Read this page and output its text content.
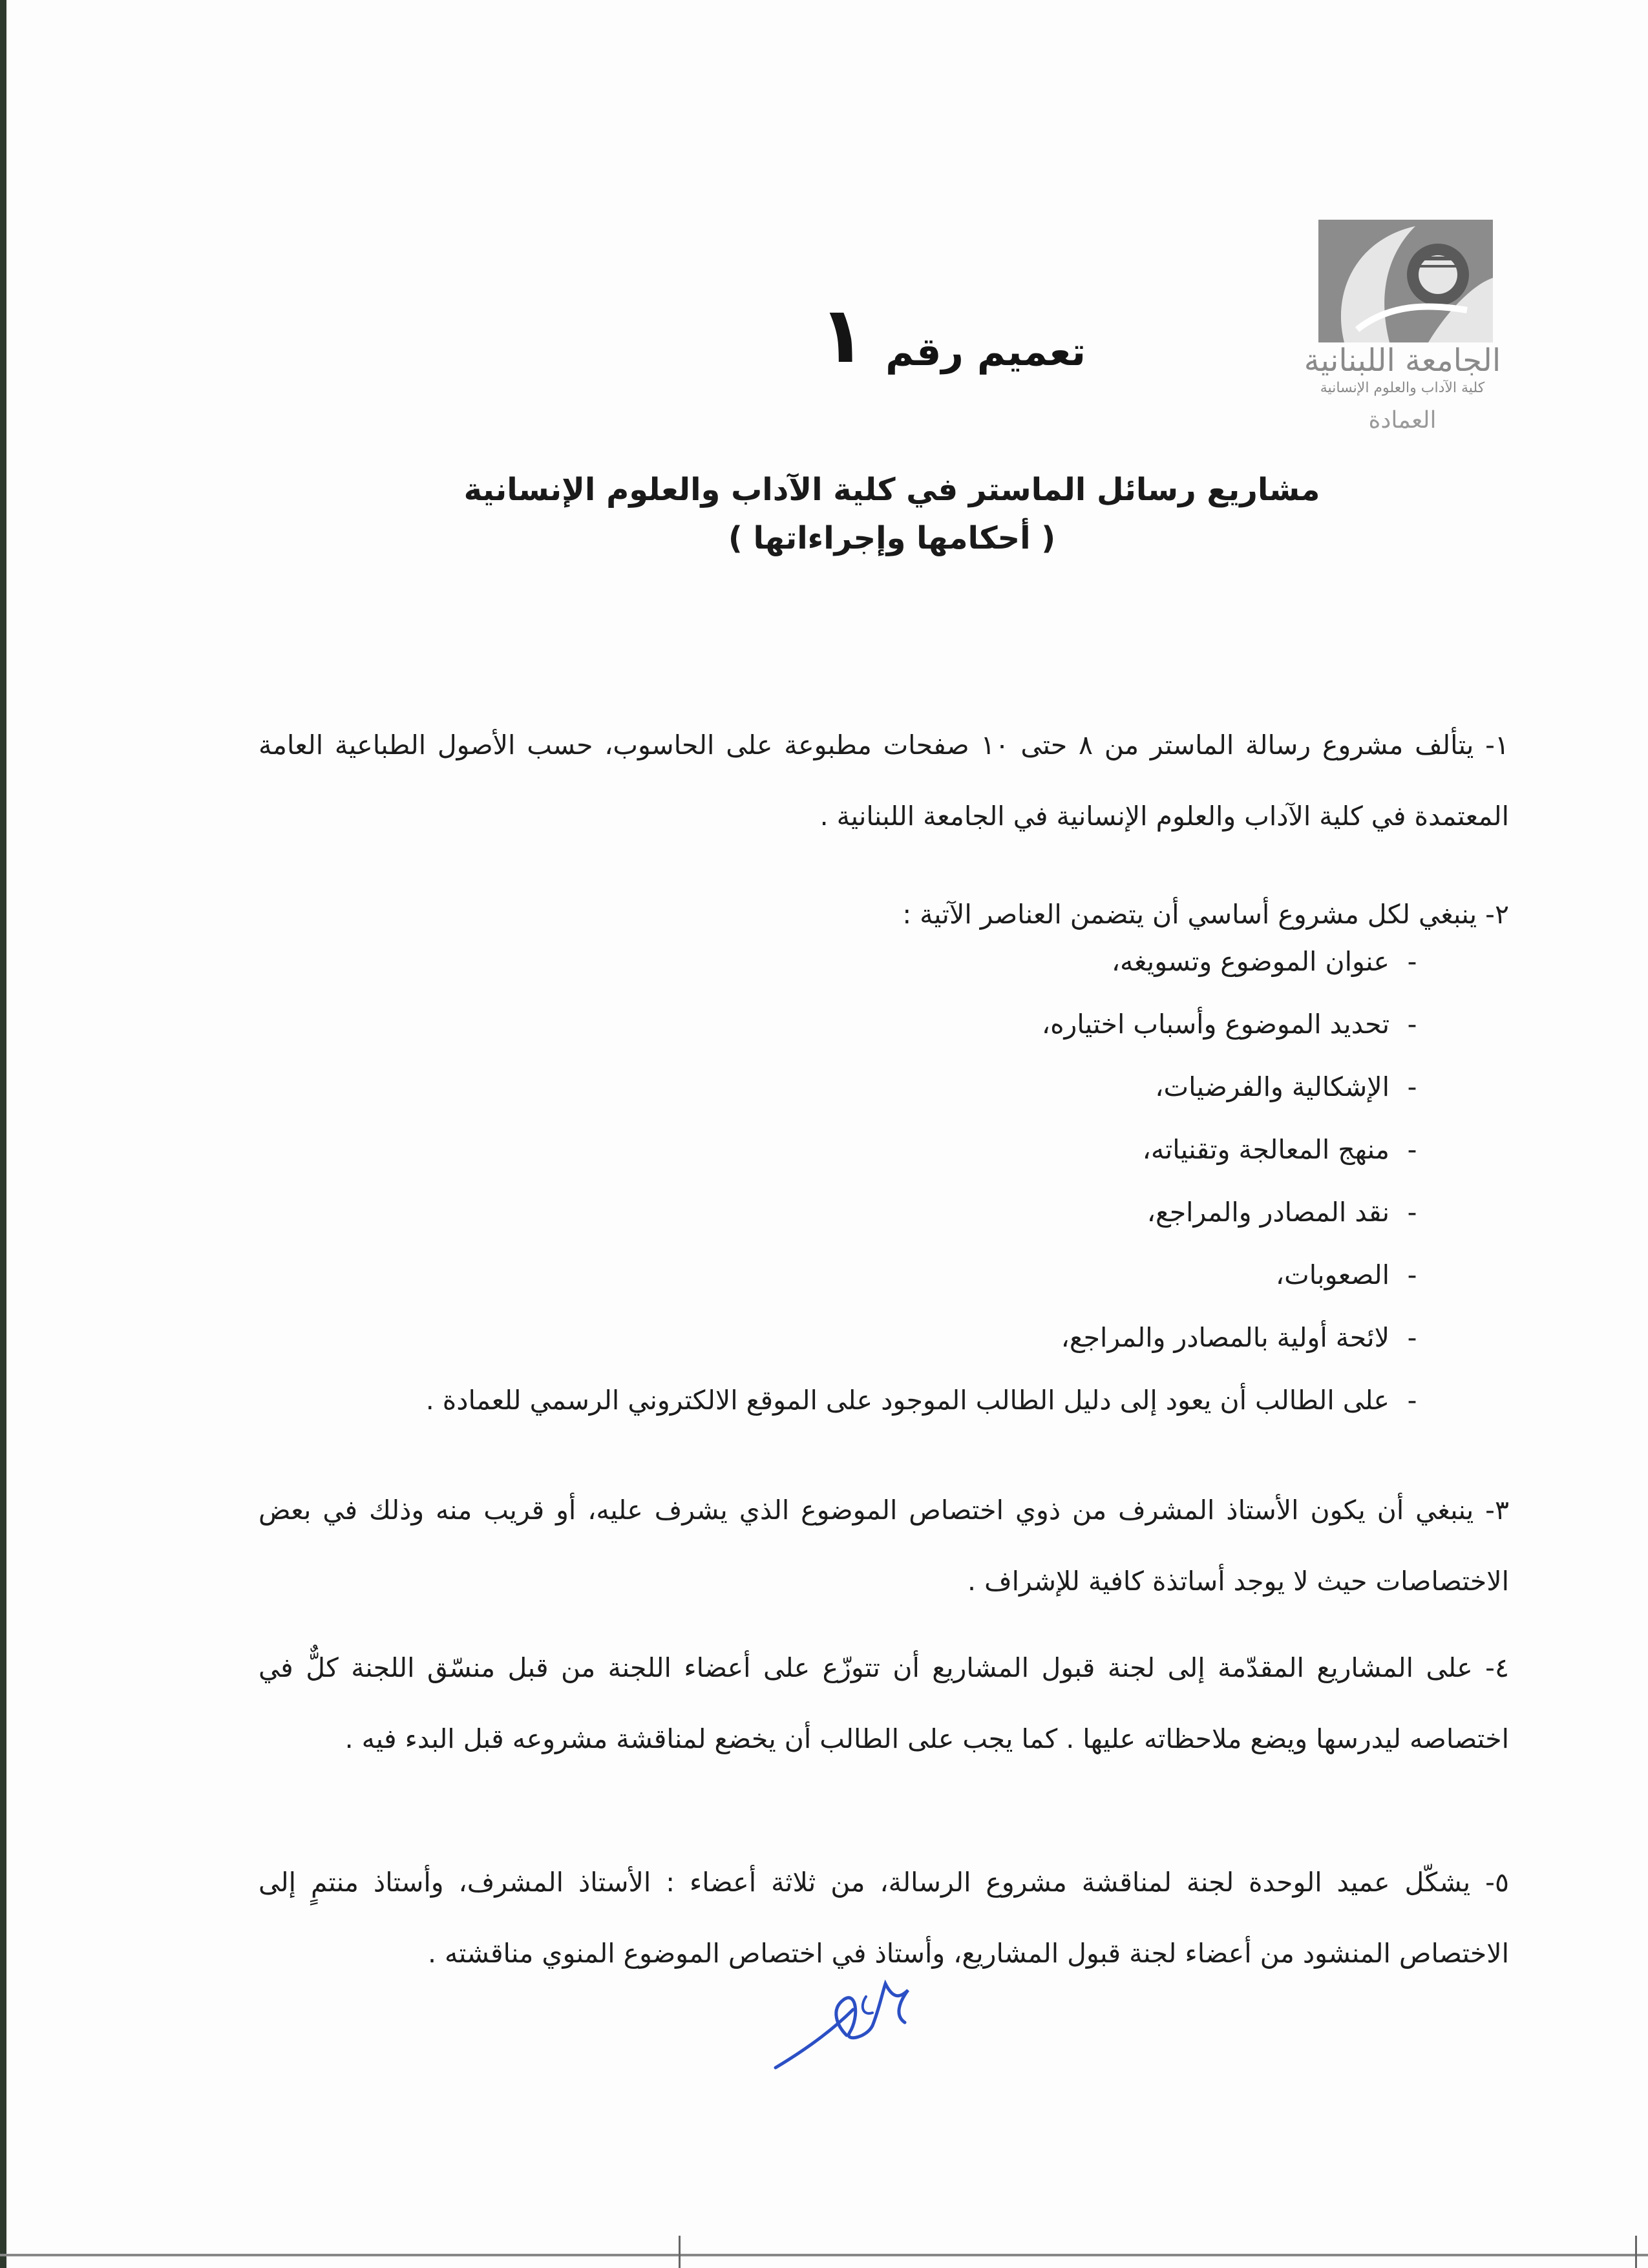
الجامعة اللبنانية
كلية الآداب والعلوم الإنسانية
العمادة
تعميم رقم
١
مشاريع رسائل الماستر في كلية الآداب والعلوم الإنسانية
( أحكامها وإجراءاتها )

١- يتألف مشروع رسالة الماستر من ٨ حتى ١٠ صفحات مطبوعة على الحاسوب، حسب الأصول الطباعية العامة المعتمدة في كلية الآداب والعلوم الإنسانية في الجامعة اللبنانية .

٢- ينبغي لكل مشروع أساسي أن يتضمن العناصر الآتية :

-
عنوان الموضوع وتسويغه،
-
تحديد الموضوع وأسباب اختياره،
-
الإشكالية والفرضيات،
-
منهج المعالجة وتقنياته،
-
نقد المصادر والمراجع،
-
الصعوبات،
-
لائحة أولية بالمصادر والمراجع،
-
على الطالب أن يعود إلى دليل الطالب الموجود على الموقع الالكتروني الرسمي للعمادة .

٣- ينبغي أن يكون الأستاذ المشرف من ذوي اختصاص الموضوع الذي يشرف عليه، أو قريب منه وذلك في بعض الاختصاصات حيث لا يوجد أساتذة كافية للإشراف .

٤- على المشاريع المقدّمة إلى لجنة قبول المشاريع أن تتوزّع على أعضاء اللجنة من قبل منسّق اللجنة كلٌّ في اختصاصه ليدرسها ويضع ملاحظاته عليها . كما يجب على الطالب أن يخضع لمناقشة مشروعه قبل البدء فيه .

٥- يشكّل عميد الوحدة لجنة لمناقشة مشروع الرسالة، من ثلاثة أعضاء : الأستاذ المشرف، وأستاذ منتمٍ إلى الاختصاص المنشود من أعضاء لجنة قبول المشاريع، وأستاذ في اختصاص الموضوع المنوي مناقشته .
